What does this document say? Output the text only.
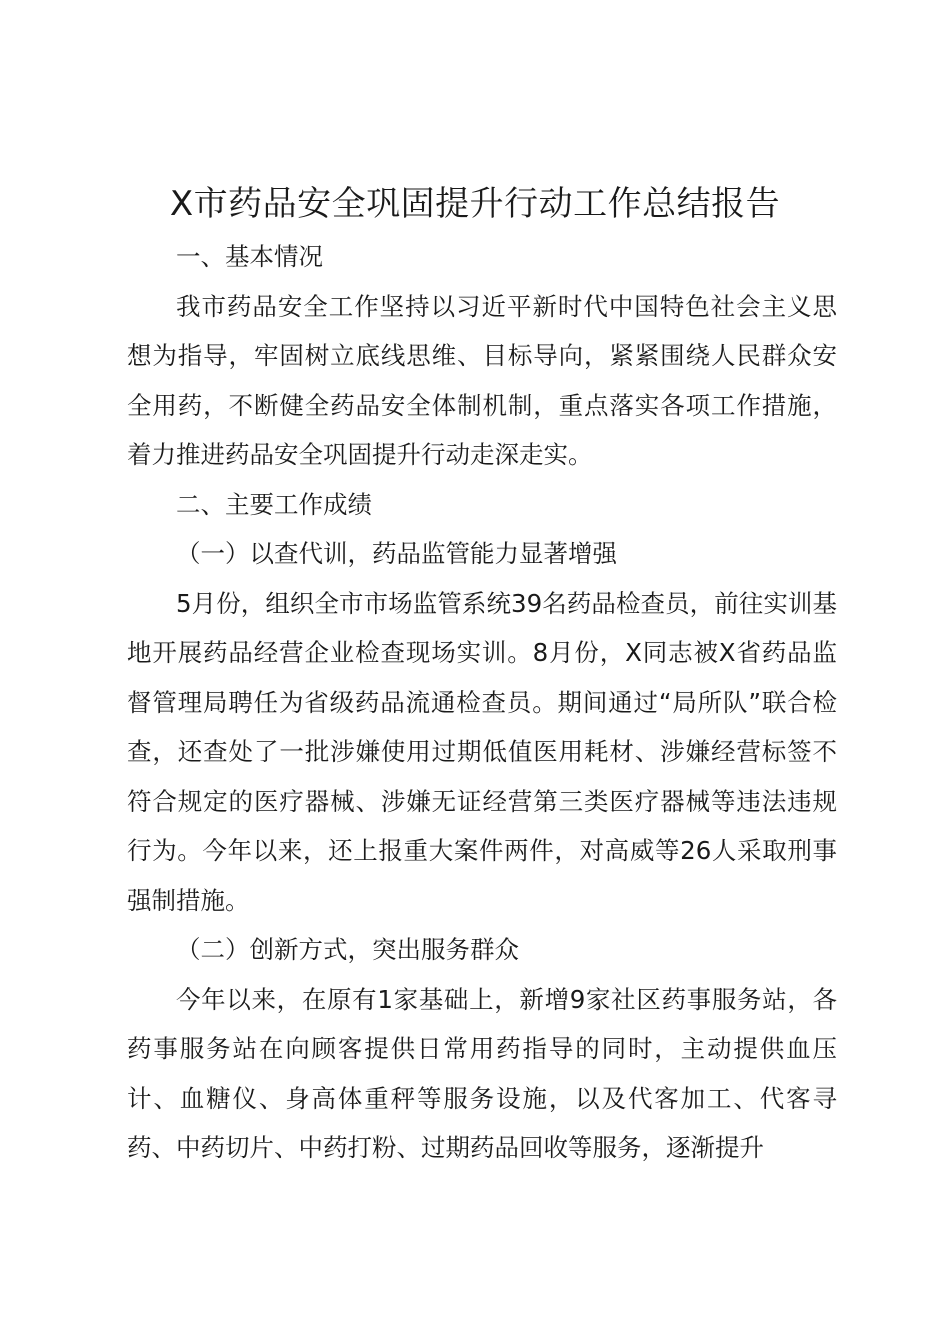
X市药品安全巩固提升行动工作总结报告

一、基本情况

我市药品安全工作坚持以习近平新时代中国特色社会主义思想为指导，牢固树立底线思维、目标导向，紧紧围绕人民群众安全用药，不断健全药品安全体制机制，重点落实各项工作措施，着力推进药品安全巩固提升行动走深走实。

二、主要工作成绩

（一）以查代训，药品监管能力显著增强

5月份，组织全市市场监管系统39名药品检查员，前往实训基地开展药品经营企业检查现场实训。8月份，X同志被X省药品监督管理局聘任为省级药品流通检查员。期间通过“局所队”联合检查，还查处了一批涉嫌使用过期低值医用耗材、涉嫌经营标签不符合规定的医疗器械、涉嫌无证经营第三类医疗器械等违法违规行为。今年以来，还上报重大案件两件，对高威等26人采取刑事强制措施。

（二）创新方式，突出服务群众

今年以来，在原有1家基础上，新增9家社区药事服务站，各药事服务站在向顾客提供日常用药指导的同时，主动提供血压计、血糖仪、身高体重秤等服务设施，以及代客加工、代客寻药、中药切片、中药打粉、过期药品回收等服务，逐渐提升
